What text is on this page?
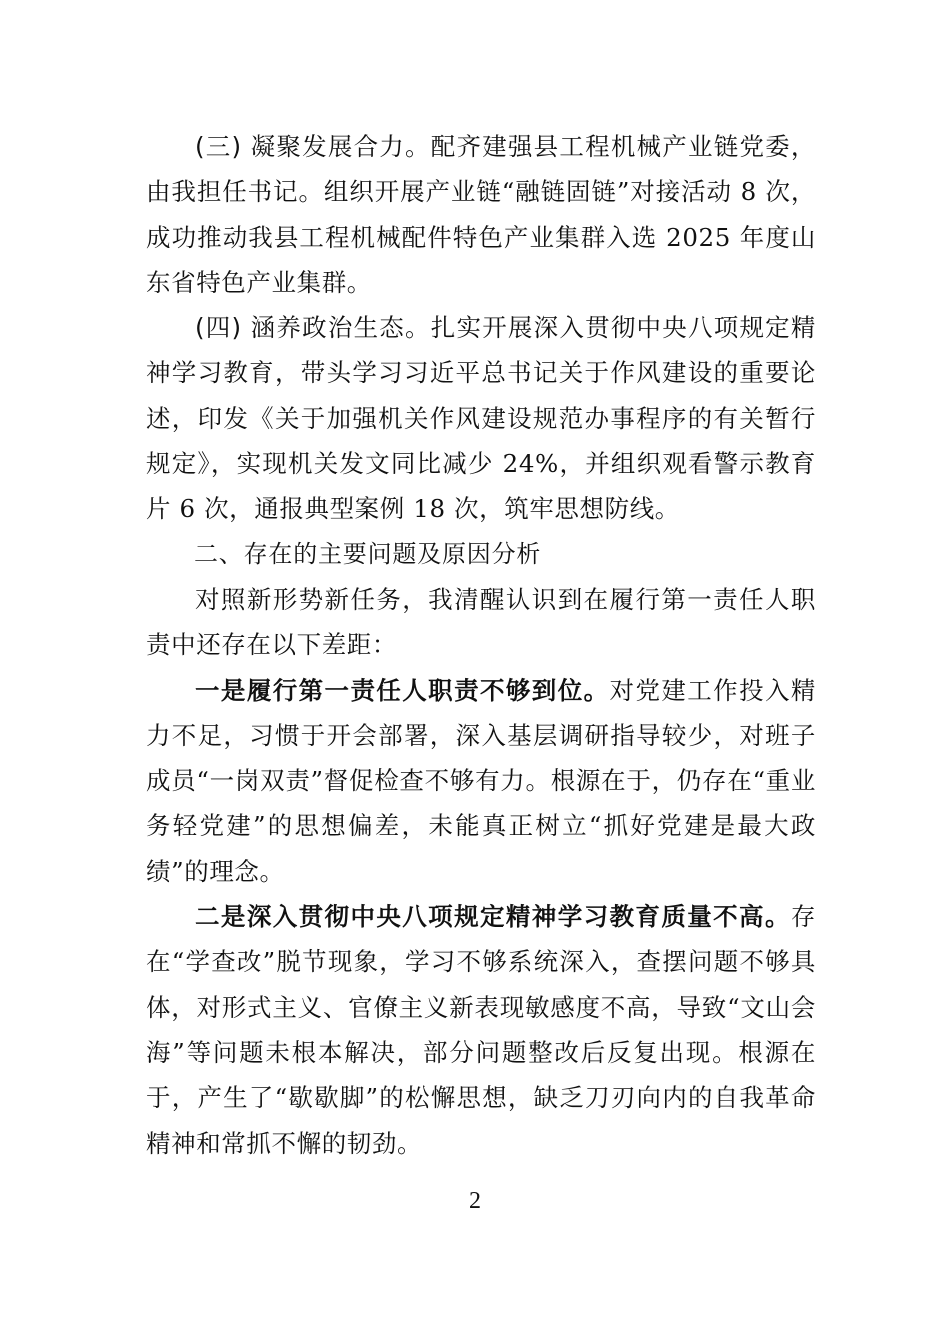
(三) 凝聚发展合力。配齐建强县工程机械产业链党委，由我担任书记。组织开展产业链“融链固链”对接活动 8 次，成功推动我县工程机械配件特色产业集群入选 2025 年度山东省特色产业集群。

(四) 涵养政治生态。扎实开展深入贯彻中央八项规定精神学习教育，带头学习习近平总书记关于作风建设的重要论述，印发《关于加强机关作风建设规范办事程序的有关暂行规定》，实现机关发文同比减少 24%，并组织观看警示教育片 6 次，通报典型案例 18 次，筑牢思想防线。

二、存在的主要问题及原因分析

对照新形势新任务，我清醒认识到在履行第一责任人职责中还存在以下差距：

一是履行第一责任人职责不够到位。对党建工作投入精力不足，习惯于开会部署，深入基层调研指导较少，对班子成员“一岗双责”督促检查不够有力。根源在于，仍存在“重业务轻党建”的思想偏差，未能真正树立“抓好党建是最大政绩”的理念。

二是深入贯彻中央八项规定精神学习教育质量不高。存在“学查改”脱节现象，学习不够系统深入，查摆问题不够具体，对形式主义、官僚主义新表现敏感度不高，导致“文山会海”等问题未根本解决，部分问题整改后反复出现。根源在于，产生了“歇歇脚”的松懈思想，缺乏刀刃向内的自我革命精神和常抓不懈的韧劲。

2
